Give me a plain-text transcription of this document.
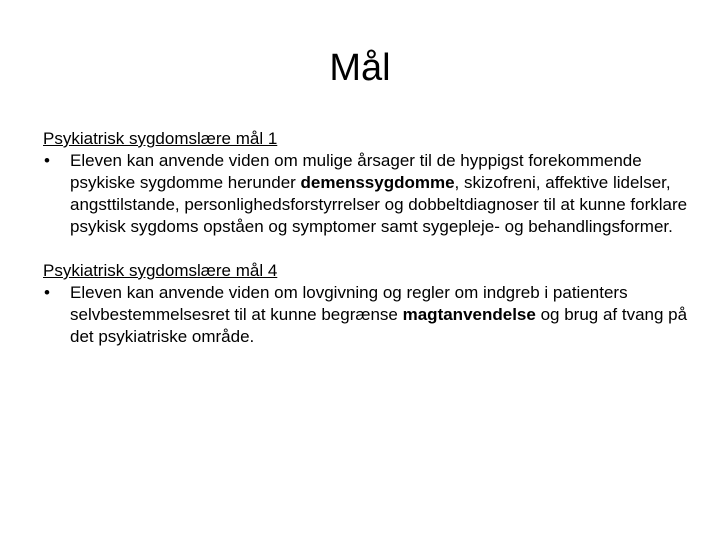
Mål
Psykiatrisk sygdomslære mål 1
• Eleven kan anvende viden om mulige årsager til de hyppigst forekommende psykiske sygdomme herunder demenssygdomme, skizofreni, affektive lidelser, angsttilstande, personlighedsforstyrrelser og dobbeltdiagnoser til at kunne forklare psykisk sygdoms opståen og symptomer samt sygepleje- og behandlingsformer.
Psykiatrisk sygdomslære mål 4
• Eleven kan anvende viden om lovgivning og regler om indgreb i patienters selvbestemmelsesret til at kunne begrænse magtanvendelse og brug af tvang på det psykiatriske område.
